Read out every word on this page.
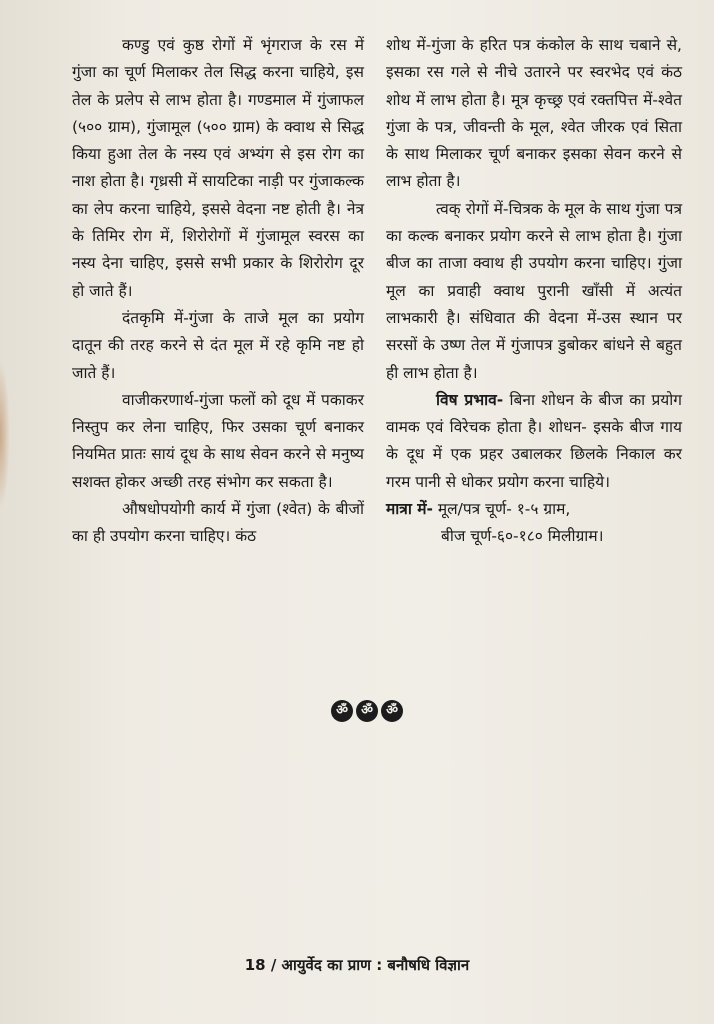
कण्डु एवं कुष्ठ रोगों में भृंगराज के रस में गुंजा का चूर्ण मिलाकर तेल सिद्ध करना चाहिये, इस तेल के प्रलेप से लाभ होता है। गण्डमाल में गुंजाफल (५०० ग्राम), गुंजामूल (५०० ग्राम) के क्वाथ से सिद्ध किया हुआ तेल के नस्य एवं अभ्यंग से इस रोग का नाश होता है। गृध्रसी में सायटिका नाड़ी पर गुंजाकल्क का लेप करना चाहिये, इससे वेदना नष्ट होती है। नेत्र के तिमिर रोग में, शिरोरोगों में गुंजामूल स्वरस का नस्य देना चाहिए, इससे सभी प्रकार के शिरोरोग दूर हो जाते हैं।

दंतकृमि में-गुंजा के ताजे मूल का प्रयोग दातून की तरह करने से दंत मूल में रहे कृमि नष्ट हो जाते हैं।

वाजीकरणार्थ-गुंजा फलों को दूध में पकाकर निस्तुप कर लेना चाहिए, फिर उसका चूर्ण बनाकर नियमित प्रातः सायं दूध के साथ सेवन करने से मनुष्य सशक्त होकर अच्छी तरह संभोग कर सकता है।

औषधोपयोगी कार्य में गुंजा (श्वेत) के बीजों का ही उपयोग करना चाहिए। कंठ

शोथ में-गुंजा के हरित पत्र कंकोल के साथ चबाने से, इसका रस गले से नीचे उतारने पर स्वरभेद एवं कंठ शोथ में लाभ होता है। मूत्र कृच्छ्र एवं रक्तपित्त में-श्वेत गुंजा के पत्र, जीवन्ती के मूल, श्वेत जीरक एवं सिता के साथ मिलाकर चूर्ण बनाकर इसका सेवन करने से लाभ होता है।

त्वक् रोगों में-चित्रक के मूल के साथ गुंजा पत्र का कल्क बनाकर प्रयोग करने से लाभ होता है। गुंजा बीज का ताजा क्वाथ ही उपयोग करना चाहिए। गुंजा मूल का प्रवाही क्वाथ पुरानी खाँसी में अत्यंत लाभकारी है। संधिवात की वेदना में-उस स्थान पर सरसों के उष्ण तेल में गुंजापत्र डुबोकर बांधने से बहुत ही लाभ होता है।

विष प्रभाव- बिना शोधन के बीज का प्रयोग वामक एवं विरेचक होता है। शोधन- इसके बीज गाय के दूध में एक प्रहर उबालकर छिलके निकाल कर गरम पानी से धोकर प्रयोग करना चाहिये।

मात्रा में- मूल/पत्र चूर्ण- १-५ ग्राम,

बीज चूर्ण-६०-१८० मिलीग्राम।

ॐ	ॐ	ॐ
18 / आयुर्वेद का प्राण : बनौषधि विज्ञान
